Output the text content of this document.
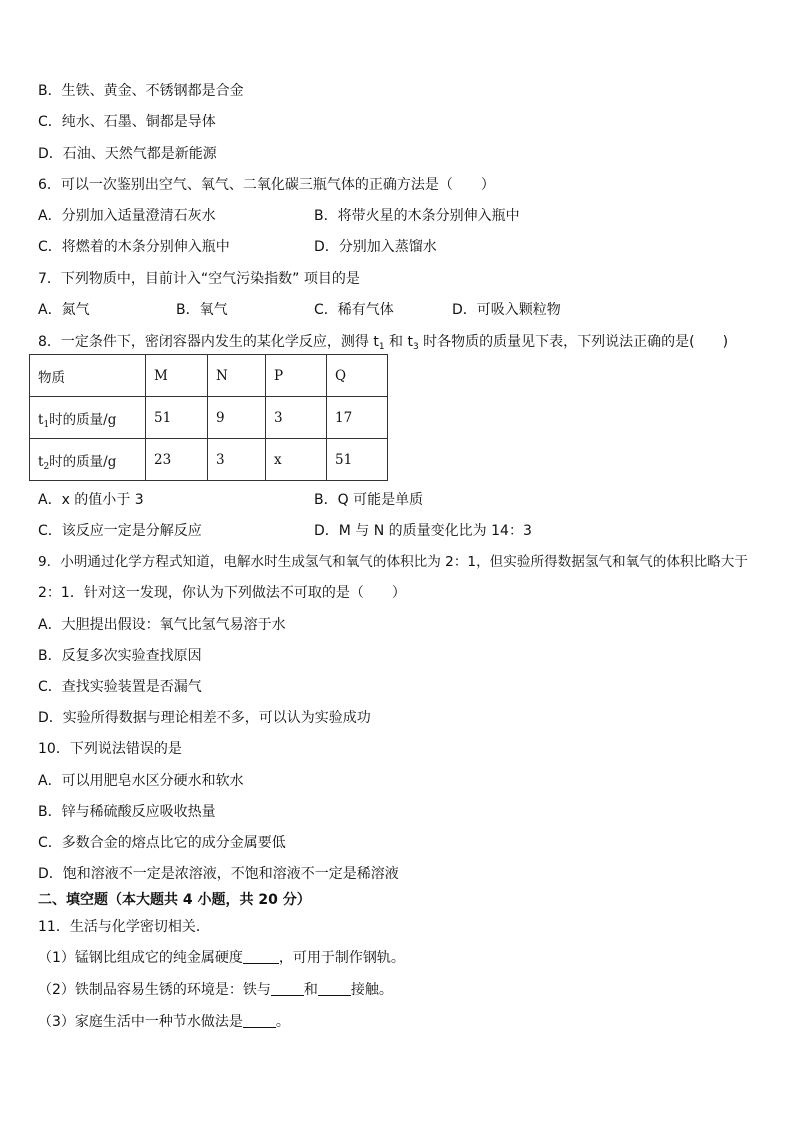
B．生铁、黄金、不锈钢都是合金
C．纯水、石墨、铜都是导体
D．石油、天然气都是新能源
6．可以一次鉴别出空气、氧气、二氧化碳三瓶气体的正确方法是（　　）
A．分别加入适量澄清石灰水	B．将带火星的木条分别伸入瓶中
C．将燃着的木条分别伸入瓶中	D．分别加入蒸馏水
7．下列物质中，目前计入“空气污染指数” 项目的是
A．氮气	B．氧气	C．稀有气体	D．可吸入颗粒物
8．一定条件下，密闭容器内发生的某化学反应，测得 $t_1$ 和 $t_3$ 时各物质的质量见下表，下列说法正确的是(　　)
物质	M	N	P	Q
$t_1$时的质量/g	51	9	3	17
$t_2$时的质量/g	23	3	x	51
A．x 的值小于 3	B．Q 可能是单质
C．该反应一定是分解反应	D．M 与 N 的质量变化比为 14：3
9．小明通过化学方程式知道，电解水时生成氢气和氧气的体积比为 2：1，但实验所得数据氢气和氧气的体积比略大于
2：1．针对这一发现，你认为下列做法不可取的是（　　）
A．大胆提出假设：氧气比氢气易溶于水
B．反复多次实验查找原因
C．查找实验装置是否漏气
D．实验所得数据与理论相差不多，可以认为实验成功
10．下列说法错误的是
A．可以用肥皂水区分硬水和软水
B．锌与稀硫酸反应吸收热量
C．多数合金的熔点比它的成分金属要低
D．饱和溶液不一定是浓溶液，不饱和溶液不一定是稀溶液
二、填空题（本大题共 4 小题，共 20 分）
11．生活与化学密切相关．
（1）锰钢比组成它的纯金属硬度	，可用于制作钢轨。
（2）铁制品容易生锈的环境是：铁与 和 接触。
（3）家庭生活中一种节水做法是 。
